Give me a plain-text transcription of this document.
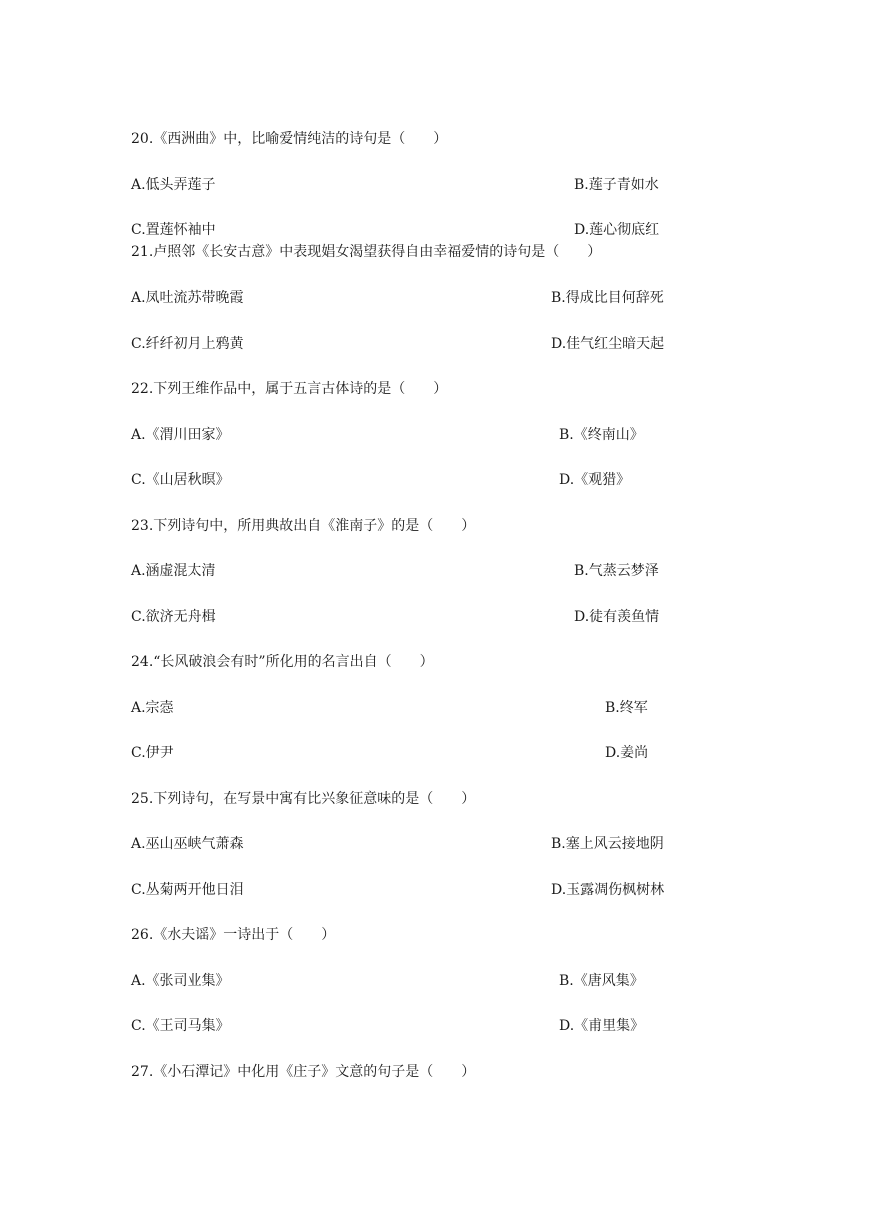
20.《西洲曲》中，比喻爱情纯洁的诗句是（　　）

A.低头弄莲子	B.莲子青如水

C.置莲怀袖中	D.莲心彻底红

21.卢照邻《长安古意》中表现娼女渴望获得自由幸福爱情的诗句是（　　）

A.凤吐流苏带晚霞	B.得成比目何辞死

C.纤纤初月上鸦黄	D.佳气红尘暗天起

22.下列王维作品中，属于五言古体诗的是（　　）

A.《渭川田家》	B.《终南山》

C.《山居秋暝》	D.《观猎》

23.下列诗句中，所用典故出自《淮南子》的是（　　）

A.涵虚混太清	B.气蒸云梦泽

C.欲济无舟楫	D.徒有羡鱼情

24.“长风破浪会有时”所化用的名言出自（　　）

A.宗悫	B.终军

C.伊尹	D.姜尚

25.下列诗句，在写景中寓有比兴象征意味的是（　　）

A.巫山巫峡气萧森	B.塞上风云接地阴

C.丛菊两开他日泪	D.玉露凋伤枫树林

26.《水夫谣》一诗出于（　　）

A.《张司业集》	B.《唐风集》

C.《王司马集》	D.《甫里集》

27.《小石潭记》中化用《庄子》文意的句子是（　　）
